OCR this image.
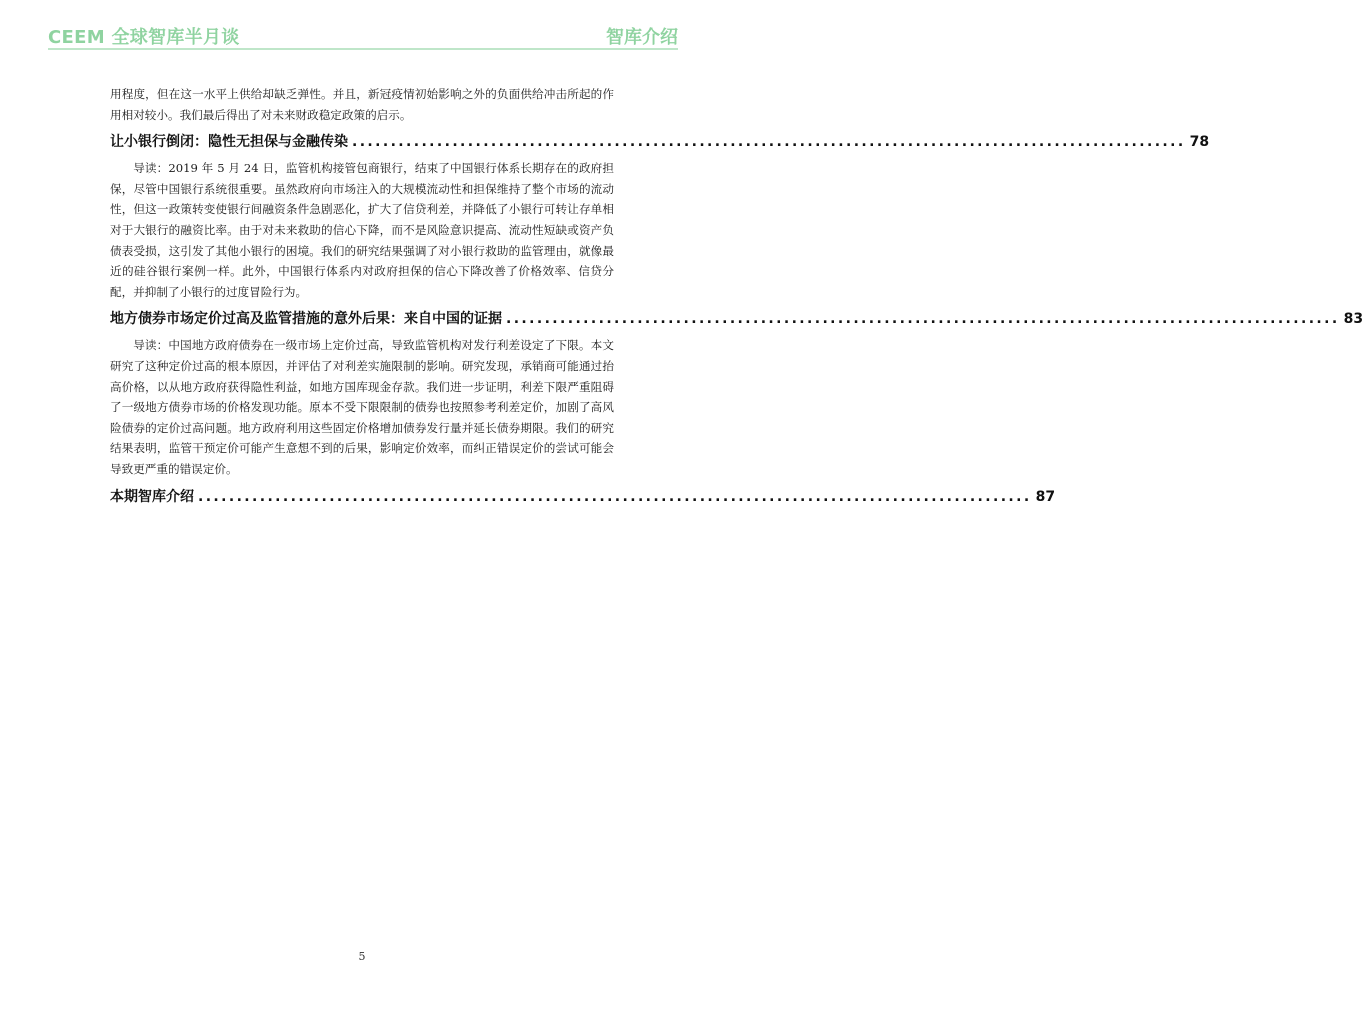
CEEM 全球智库半月谈	智库介绍

用程度，但在这一水平上供给却缺乏弹性。并且，新冠疫情初始影响之外的负面供给冲击所起的作用相对较小。我们最后得出了对未来财政稳定政策的启示。

让小银行倒闭：隐性无担保与金融传染 ............................................................................................................ 78

导读：2019 年 5 月 24 日，监管机构接管包商银行，结束了中国银行体系长期存在的政府担保，尽管中国银行系统很重要。虽然政府向市场注入的大规模流动性和担保维持了整个市场的流动性，但这一政策转变使银行间融资条件急剧恶化，扩大了信贷利差，并降低了小银行可转让存单相对于大银行的融资比率。由于对未来救助的信心下降，而不是风险意识提高、流动性短缺或资产负债表受损，这引发了其他小银行的困境。我们的研究结果强调了对小银行救助的监管理由，就像最近的硅谷银行案例一样。此外，中国银行体系内对政府担保的信心下降改善了价格效率、信贷分配，并抑制了小银行的过度冒险行为。

地方债券市场定价过高及监管措施的意外后果：来自中国的证据 ............................................................................................................ 83

导读：中国地方政府债券在一级市场上定价过高，导致监管机构对发行利差设定了下限。本文研究了这种定价过高的根本原因，并评估了对利差实施限制的影响。研究发现，承销商可能通过抬高价格，以从地方政府获得隐性利益，如地方国库现金存款。我们进一步证明，利差下限严重阻碍了一级地方债券市场的价格发现功能。原本不受下限限制的债券也按照参考利差定价，加剧了高风险债券的定价过高问题。地方政府利用这些固定价格增加债券发行量并延长债券期限。我们的研究结果表明，监管干预定价可能产生意想不到的后果，影响定价效率，而纠正错误定价的尝试可能会导致更严重的错误定价。

本期智库介绍 ............................................................................................................ 87
5
